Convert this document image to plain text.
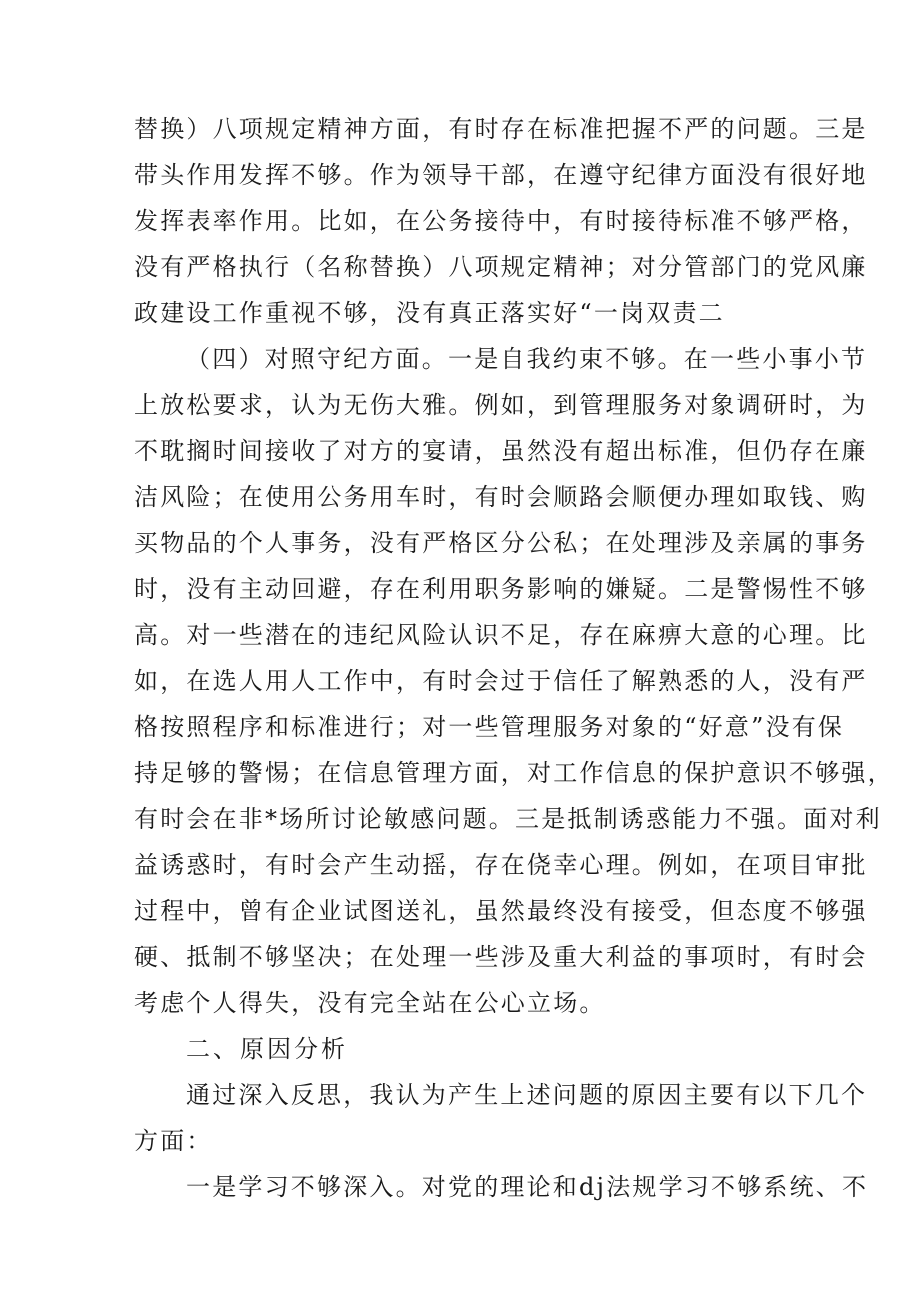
替换）八项规定精神方面，有时存在标准把握不严的问题。三是
带头作用发挥不够。作为领导干部，在遵守纪律方面没有很好地
发挥表率作用。比如，在公务接待中，有时接待标准不够严格，
没有严格执行（名称替换）八项规定精神；对分管部门的党风廉
政建设工作重视不够，没有真正落实好“一岗双责二
（四）对照守纪方面。一是自我约束不够。在一些小事小节
上放松要求，认为无伤大雅。例如，到管理服务对象调研时，为
不耽搁时间接收了对方的宴请，虽然没有超出标准，但仍存在廉
洁风险；在使用公务用车时，有时会顺路会顺便办理如取钱、购
买物品的个人事务，没有严格区分公私；在处理涉及亲属的事务
时，没有主动回避，存在利用职务影响的嫌疑。二是警惕性不够
高。对一些潜在的违纪风险认识不足，存在麻痹大意的心理。比
如，在选人用人工作中，有时会过于信任了解熟悉的人，没有严
格按照程序和标准进行；对一些管理服务对象的“好意”没有保
持足够的警惕；在信息管理方面，对工作信息的保护意识不够强，
有时会在非*场所讨论敏感问题。三是抵制诱惑能力不强。面对利
益诱惑时，有时会产生动摇，存在侥幸心理。例如，在项目审批
过程中，曾有企业试图送礼，虽然最终没有接受，但态度不够强
硬、抵制不够坚决；在处理一些涉及重大利益的事项时，有时会
考虑个人得失，没有完全站在公心立场。
二、原因分析
通过深入反思，我认为产生上述问题的原因主要有以下几个
方面：
一是学习不够深入。对党的理论和dj法规学习不够系统、不
